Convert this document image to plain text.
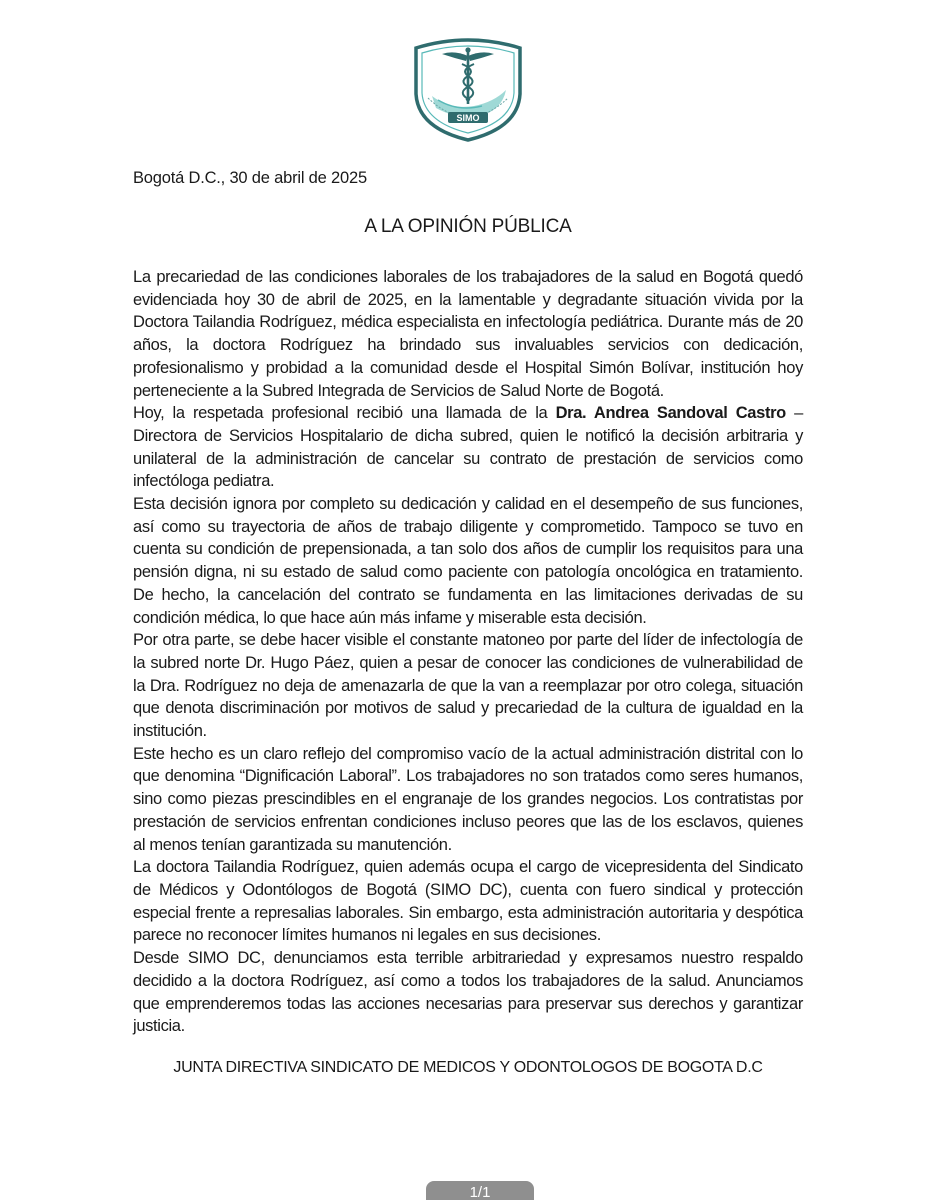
SIMO
Bogotá D.C., 30 de abril de 2025
A LA OPINIÓN PÚBLICA

La precariedad de las condiciones laborales de los trabajadores de la salud en Bogotá quedó evidenciada hoy 30 de abril de 2025, en la lamentable y degradante situación vivida por la Doctora Tailandia Rodríguez, médica especialista en infectología pediátrica. Durante más de 20 años, la doctora Rodríguez ha brindado sus invaluables servicios con dedicación, profesionalismo y probidad a la comunidad desde el Hospital Simón Bolívar, institución hoy perteneciente a la Subred Integrada de Servicios de Salud Norte de Bogotá.

Hoy, la respetada profesional recibió una llamada de la Dra. Andrea Sandoval Castro – Directora de Servicios Hospitalario de dicha subred, quien le notificó la decisión arbitraria y unilateral de la administración de cancelar su contrato de prestación de servicios como infectóloga pediatra.

Esta decisión ignora por completo su dedicación y calidad en el desempeño de sus funciones, así como su trayectoria de años de trabajo diligente y comprometido. Tampoco se tuvo en cuenta su condición de prepensionada, a tan solo dos años de cumplir los requisitos para una pensión digna, ni su estado de salud como paciente con patología oncológica en tratamiento. De hecho, la cancelación del contrato se fundamenta en las limitaciones derivadas de su condición médica, lo que hace aún más infame y miserable esta decisión.

Por otra parte, se debe hacer visible el constante matoneo por parte del líder de infectología de la subred norte Dr. Hugo Páez, quien a pesar de conocer las condiciones de vulnerabilidad de la Dra. Rodríguez no deja de amenazarla de que la van a reemplazar por otro colega, situación que denota discriminación por motivos de salud y precariedad de la cultura de igualdad en la institución.

Este hecho es un claro reflejo del compromiso vacío de la actual administración distrital con lo que denomina “Dignificación Laboral”. Los trabajadores no son tratados como seres humanos, sino como piezas prescindibles en el engranaje de los grandes negocios. Los contratistas por prestación de servicios enfrentan condiciones incluso peores que las de los esclavos, quienes al menos tenían garantizada su manutención.

La doctora Tailandia Rodríguez, quien además ocupa el cargo de vicepresidenta del Sindicato de Médicos y Odontólogos de Bogotá (SIMO DC), cuenta con fuero sindical y protección especial frente a represalias laborales. Sin embargo, esta administración autoritaria y despótica parece no reconocer límites humanos ni legales en sus decisiones.

Desde SIMO DC, denunciamos esta terrible arbitrariedad y expresamos nuestro respaldo decidido a la doctora Rodríguez, así como a todos los trabajadores de la salud. Anunciamos que emprenderemos todas las acciones necesarias para preservar sus derechos y garantizar justicia.

JUNTA DIRECTIVA SINDICATO DE MEDICOS Y ODONTOLOGOS DE BOGOTA D.C
1/1
